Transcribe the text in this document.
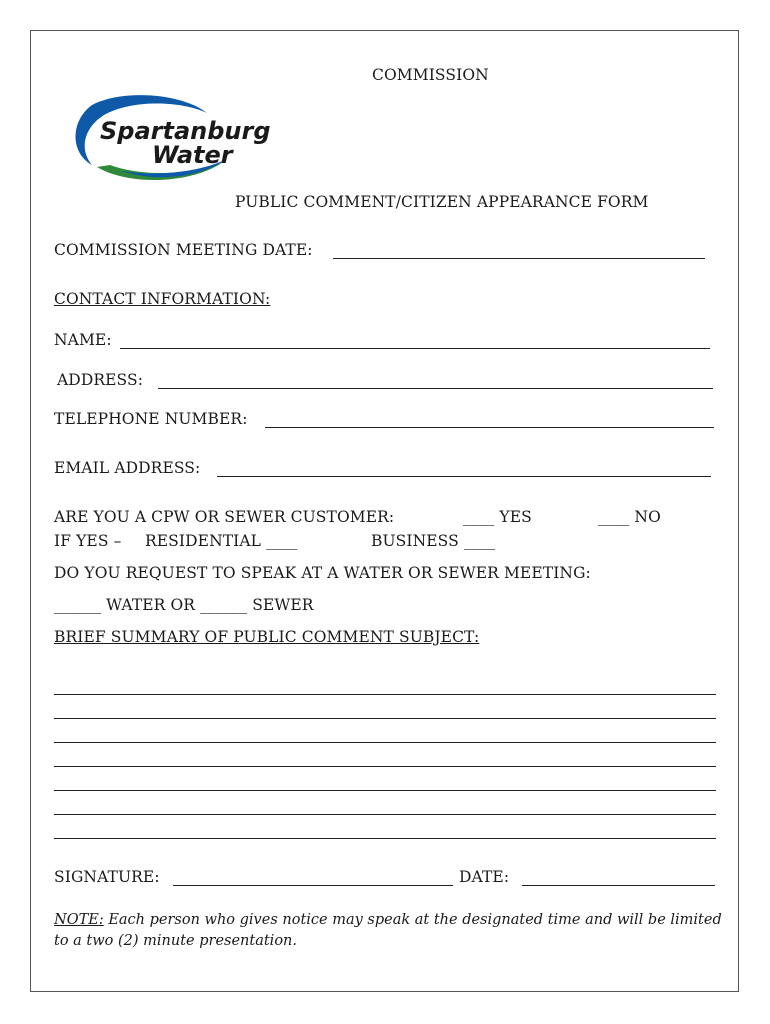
COMMISSION
Spartanburg
Water
PUBLIC COMMENT/CITIZEN APPEARANCE FORM
COMMISSION MEETING DATE:
CONTACT INFORMATION:
NAME:
ADDRESS:
TELEPHONE NUMBER:
EMAIL ADDRESS:
ARE YOU A CPW OR SEWER CUSTOMER:	____ YES	____ NO
IF YES – RESIDENTIAL ____	BUSINESS ____
DO YOU REQUEST TO SPEAK AT A WATER OR SEWER MEETING:
______ WATER OR ______ SEWER
BRIEF SUMMARY OF PUBLIC COMMENT SUBJECT:
SIGNATURE:	DATE:
NOTE: Each person who gives notice may speak at the designated time and will be limited to a two (2) minute presentation.
